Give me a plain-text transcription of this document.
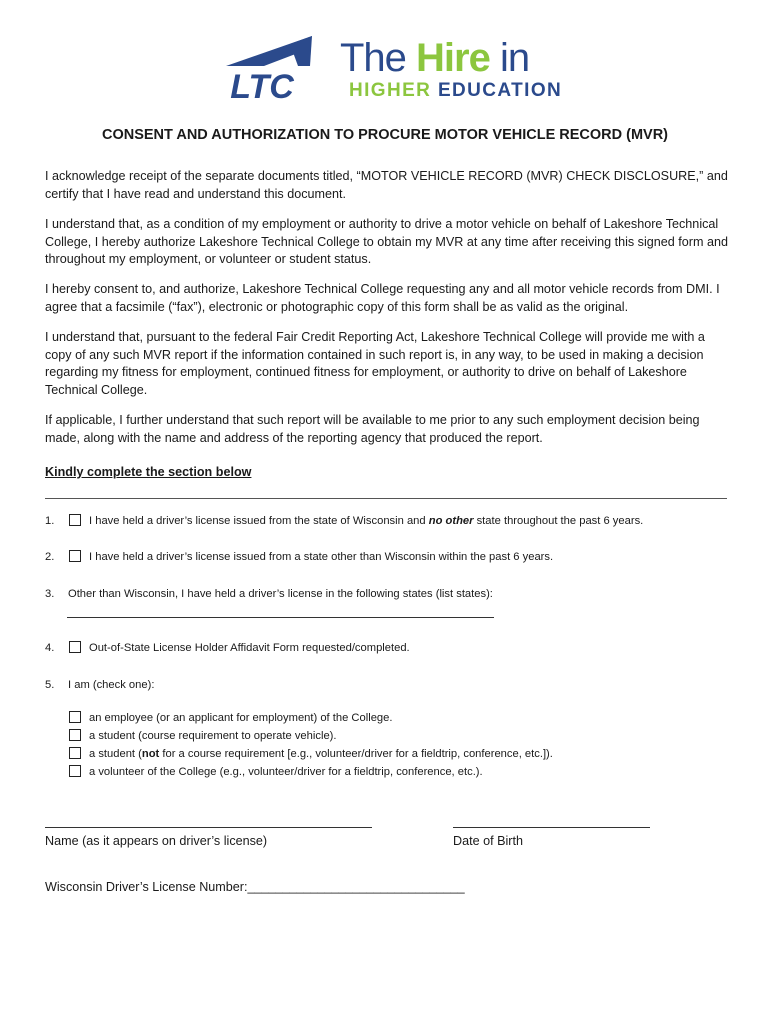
LTC
The Hire in
HIGHER EDUCATION
CONSENT AND AUTHORIZATION TO PROCURE MOTOR VEHICLE RECORD (MVR)

I acknowledge receipt of the separate documents titled, “MOTOR VEHICLE RECORD (MVR) CHECK DISCLOSURE,” and certify that I have read and understand this document.

I understand that, as a condition of my employment or authority to drive a motor vehicle on behalf of Lakeshore Technical College, I hereby authorize Lakeshore Technical College to obtain my MVR at any time after receiving this signed form and throughout my employment, or volunteer or student status.

I hereby consent to, and authorize, Lakeshore Technical College requesting any and all motor vehicle records from DMI. I agree that a facsimile (“fax”), electronic or photographic copy of this form shall be as valid as the original.

I understand that, pursuant to the federal Fair Credit Reporting Act, Lakeshore Technical College will provide me with a copy of any such MVR report if the information contained in such report is, in any way, to be used in making a decision regarding my fitness for employment, continued fitness for employment, or authority to drive on behalf of Lakeshore Technical College.

If applicable, I further understand that such report will be available to me prior to any such employment decision being made, along with the name and address of the reporting agency that produced the report.

Kindly complete the section below
1.	I have held a driver’s license issued from the state of Wisconsin and no other state throughout the past 6 years.
2.	I have held a driver’s license issued from a state other than Wisconsin within the past 6 years.
3. Other than Wisconsin, I have held a driver’s license in the following states (list states):
4.	Out-of-State License Holder Affidavit Form requested/completed.
5. I am (check one):
an employee (or an applicant for employment) of the College.
a student (course requirement to operate vehicle).
a student (not for a course requirement [e.g., volunteer/driver for a fieldtrip, conference, etc.]).
a volunteer of the College (e.g., volunteer/driver for a fieldtrip, conference, etc.).
Name (as it appears on driver’s license)	Date of Birth
Wisconsin Driver’s License Number:_______________________________
